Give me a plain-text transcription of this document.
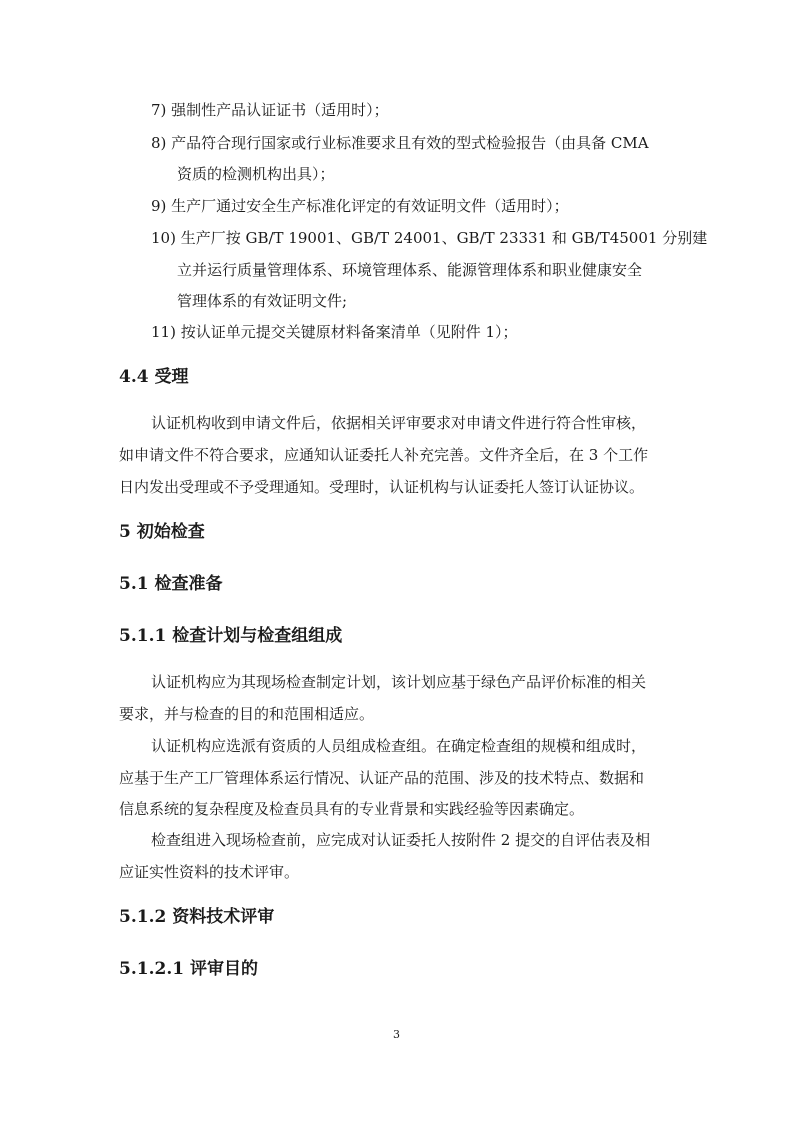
7) 强制性产品认证证书（适用时）；
8) 产品符合现行国家或行业标准要求且有效的型式检验报告（由具备 CMA
资质的检测机构出具）；
9) 生产厂通过安全生产标准化评定的有效证明文件（适用时）；
10) 生产厂按 GB/T 19001、GB/T 24001、GB/T 23331 和 GB/T45001 分别建
立并运行质量管理体系、环境管理体系、能源管理体系和职业健康安全
管理体系的有效证明文件;
11) 按认证单元提交关键原材料备案清单（见附件 1）；
4.4 受理
认证机构收到申请文件后，依据相关评审要求对申请文件进行符合性审核，
如申请文件不符合要求，应通知认证委托人补充完善。文件齐全后，在 3 个工作
日内发出受理或不予受理通知。受理时，认证机构与认证委托人签订认证协议。
5 初始检查
5.1 检查准备
5.1.1 检查计划与检查组组成
认证机构应为其现场检查制定计划，该计划应基于绿色产品评价标准的相关
要求，并与检查的目的和范围相适应。
认证机构应选派有资质的人员组成检查组。在确定检查组的规模和组成时，
应基于生产工厂管理体系运行情况、认证产品的范围、涉及的技术特点、数据和
信息系统的复杂程度及检查员具有的专业背景和实践经验等因素确定。
检查组进入现场检查前，应完成对认证委托人按附件 2 提交的自评估表及相
应证实性资料的技术评审。
5.1.2 资料技术评审
5.1.2.1 评审目的
3
